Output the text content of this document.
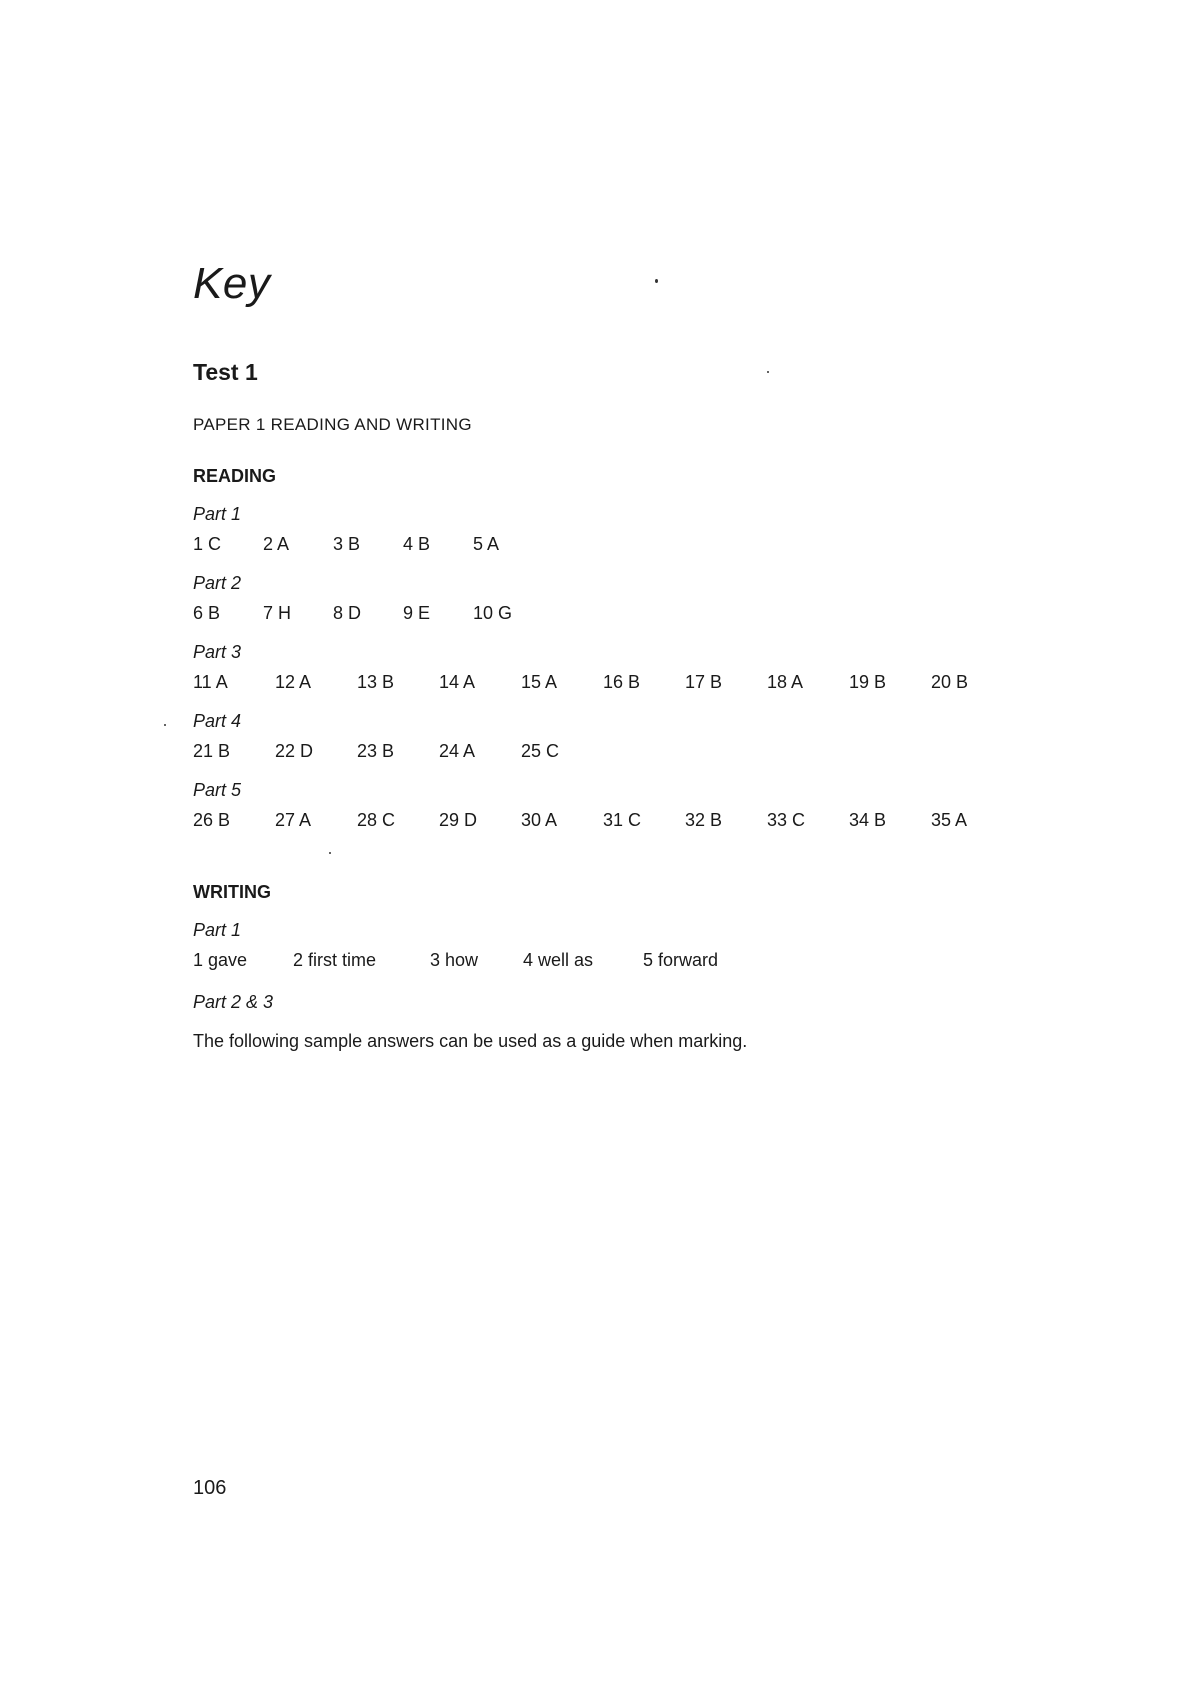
Key
Test 1
PAPER 1 READING AND WRITING
READING
Part 1
1 C 2 A 3 B 4 B 5 A
Part 2
6 B 7 H 8 D 9 E 10 G
Part 3
11 A	12 A	13 B 14 A	15 A	16 B 17 B 18 A	19 B 20 B
Part 4
21 B 22 D 23 B 24 A	25 C
Part 5
26 B 27 A	28 C 29 D 30 A	31 C 32 B 33 C 34 B 35 A
WRITING
Part 1
1 gave	2 first time	3 how 4 well as	5 forward
Part 2 & 3
The following sample answers can be used as a guide when marking.
106
